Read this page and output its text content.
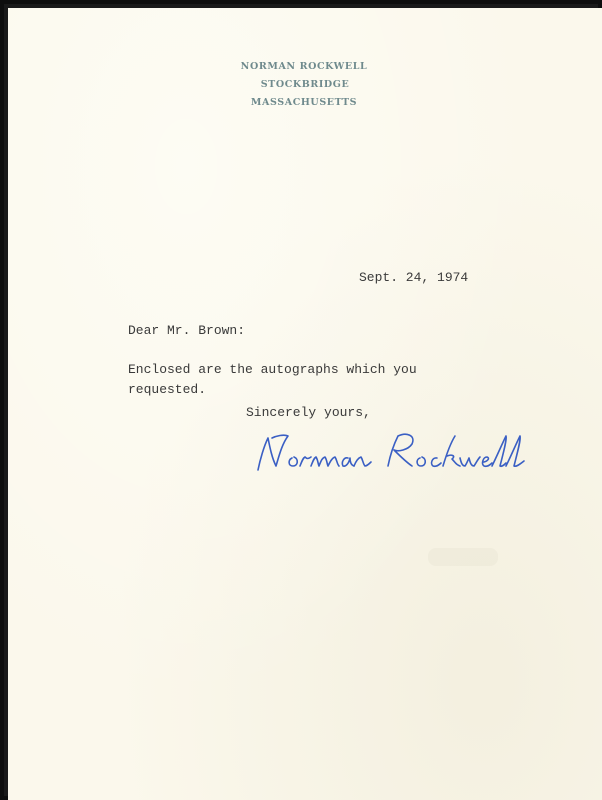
NORMAN ROCKWELL
STOCKBRIDGE
MASSACHUSETTS
Sept. 24, 1974
Dear Mr. Brown:
Enclosed are the autographs which you
requested.
Sincerely yours,
